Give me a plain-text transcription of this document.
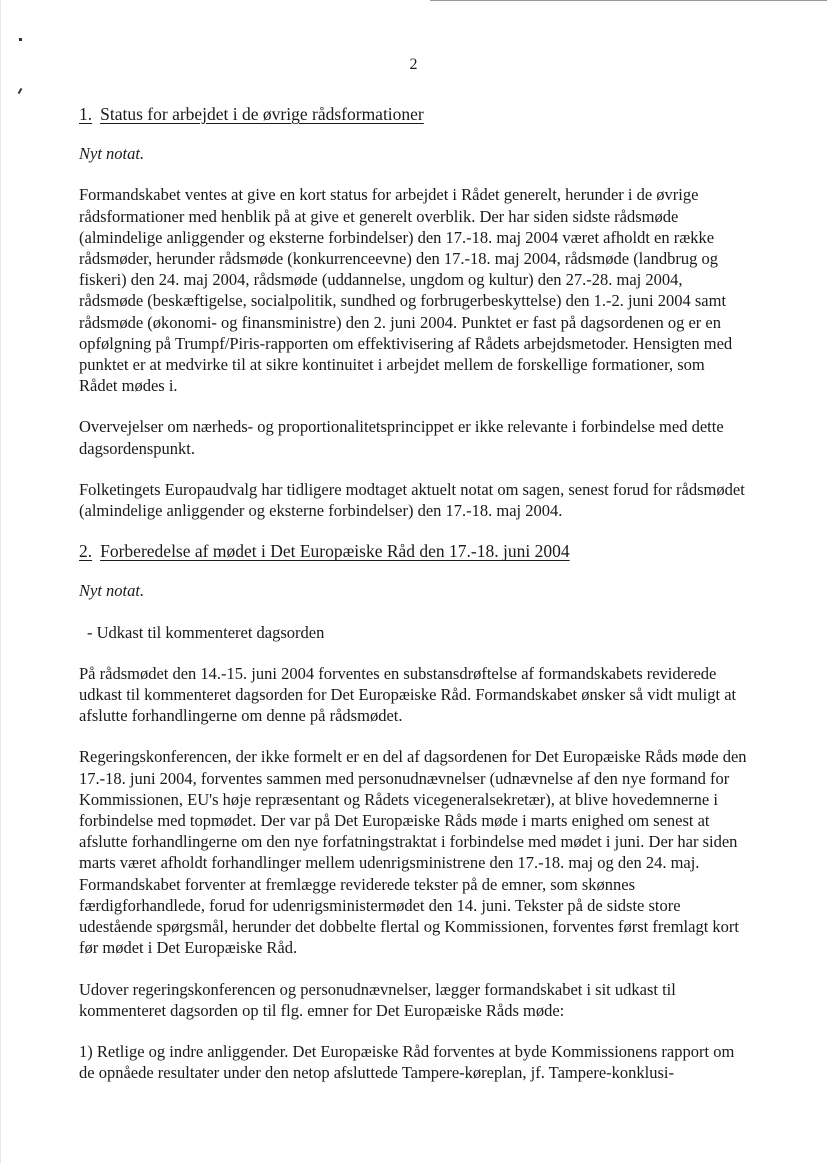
2
1. Status for arbejdet i de øvrige rådsformationer
Nyt notat.

Formandskabet ventes at give en kort status for arbejdet i Rådet generelt, herunder i de øvrige rådsformationer med henblik på at give et generelt overblik. Der har siden sidste rådsmøde (almindelige anliggender og eksterne forbindelser) den 17.-18. maj 2004 været afholdt en række rådsmøder, herunder rådsmøde (konkurrenceevne) den 17.-18. maj 2004, rådsmøde (landbrug og fiskeri) den 24. maj 2004, rådsmøde (uddannelse, ungdom og kultur) den 27.-28. maj 2004, rådsmøde (beskæftigelse, socialpolitik, sundhed og forbrugerbeskyttelse) den 1.-2. juni 2004 samt rådsmøde (økonomi- og finansministre) den 2. juni 2004. Punktet er fast på dagsordenen og er en opfølgning på Trumpf/Piris-rapporten om effektivisering af Rådets arbejdsmetoder. Hensigten med punktet er at medvirke til at sikre kontinuitet i arbejdet mellem de forskellige formationer, som Rådet mødes i.

Overvejelser om nærheds- og proportionalitetsprincippet er ikke relevante i forbindelse med dette dagsordenspunkt.

Folketingets Europaudvalg har tidligere modtaget aktuelt notat om sagen, senest forud for rådsmødet (almindelige anliggender og eksterne forbindelser) den 17.-18. maj 2004.

2. Forberedelse af mødet i Det Europæiske Råd den 17.-18. juni 2004
Nyt notat.
- Udkast til kommenteret dagsorden

På rådsmødet den 14.-15. juni 2004 forventes en substansdrøftelse af formandskabets reviderede udkast til kommenteret dagsorden for Det Europæiske Råd. Formandskabet ønsker så vidt muligt at afslutte forhandlingerne om denne på rådsmødet.

Regeringskonferencen, der ikke formelt er en del af dagsordenen for Det Europæiske Råds møde den 17.-18. juni 2004, forventes sammen med personudnævnelser (udnævnelse af den nye formand for Kommissionen, EU's høje repræsentant og Rådets vicegeneralsekretær), at blive hovedemnerne i forbindelse med topmødet. Der var på Det Europæiske Råds møde i marts enighed om senest at afslutte forhandlingerne om den nye forfatningstraktat i forbindelse med mødet i juni. Der har siden marts været afholdt forhandlinger mellem udenrigsministrene den 17.-18. maj og den 24. maj. Formandskabet forventer at fremlægge reviderede tekster på de emner, som skønnes færdigforhandlede, forud for udenrigsministermødet den 14. juni. Tekster på de sidste store udestående spørgsmål, herunder det dobbelte flertal og Kommissionen, forventes først fremlagt kort før mødet i Det Europæiske Råd.

Udover regeringskonferencen og personudnævnelser, lægger formandskabet i sit udkast til kommenteret dagsorden op til flg. emner for Det Europæiske Råds møde:

1) Retlige og indre anliggender. Det Europæiske Råd forventes at byde Kommissionens rapport om de opnåede resultater under den netop afsluttede Tampere-køreplan, jf. Tampere-konklusi-
